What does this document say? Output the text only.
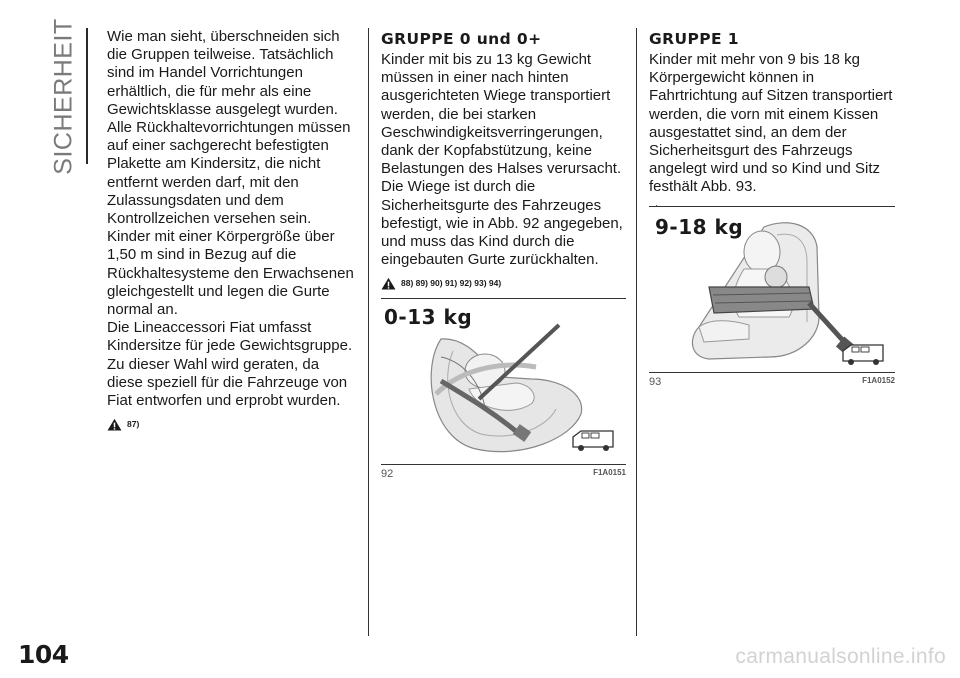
SICHERHEIT Wie man sieht, überschneiden sich die Gruppen teilweise. Tatsächlich sind im Handel Vorrichtungen erhältlich, die für mehr als eine Gewichtsklasse ausgelegt wurden.

Alle Rückhaltevorrichtungen müssen auf einer sachgerecht befestigten Plakette am Kindersitz, die nicht entfernt werden darf, mit den Zulassungsdaten und dem Kontrollzeichen versehen sein.

Kinder mit einer Körpergröße über 1,50 m sind in Bezug auf die Rückhaltesysteme den Erwachsenen gleichgestellt und legen die Gurte normal an.

Die Lineaccessori Fiat umfasst Kindersitze für jede Gewichtsgruppe. Zu dieser Wahl wird geraten, da diese speziell für die Fahrzeuge von Fiat entworfen und erprobt wurden.

87)
GRUPPE 0 und 0+

Kinder mit bis zu 13 kg Gewicht müssen in einer nach hinten ausgerichteten Wiege transportiert werden, die bei starken Geschwindigkeitsverringerungen, dank der Kopfabstützung, keine Belastungen des Halses verursacht.

Die Wiege ist durch die Sicherheitsgurte des Fahrzeuges befestigt, wie in Abb. 92 angegeben, und muss das Kind durch die eingebauten Gurte zurückhalten.

88) 89) 90) 91) 92) 93) 94)
0-13 kg
92	F1A0151
GRUPPE 1

Kinder mit mehr von 9 bis 18 kg Körpergewicht können in Fahrtrichtung auf Sitzen transportiert werden, die vorn mit einem Kissen ausgestattet sind, an dem der Sicherheitsgurt des Fahrzeugs angelegt wird und so Kind und Sitz festhält Abb. 93.

9-18 kg
93	F1A0152
104	carmanualsonline.info
